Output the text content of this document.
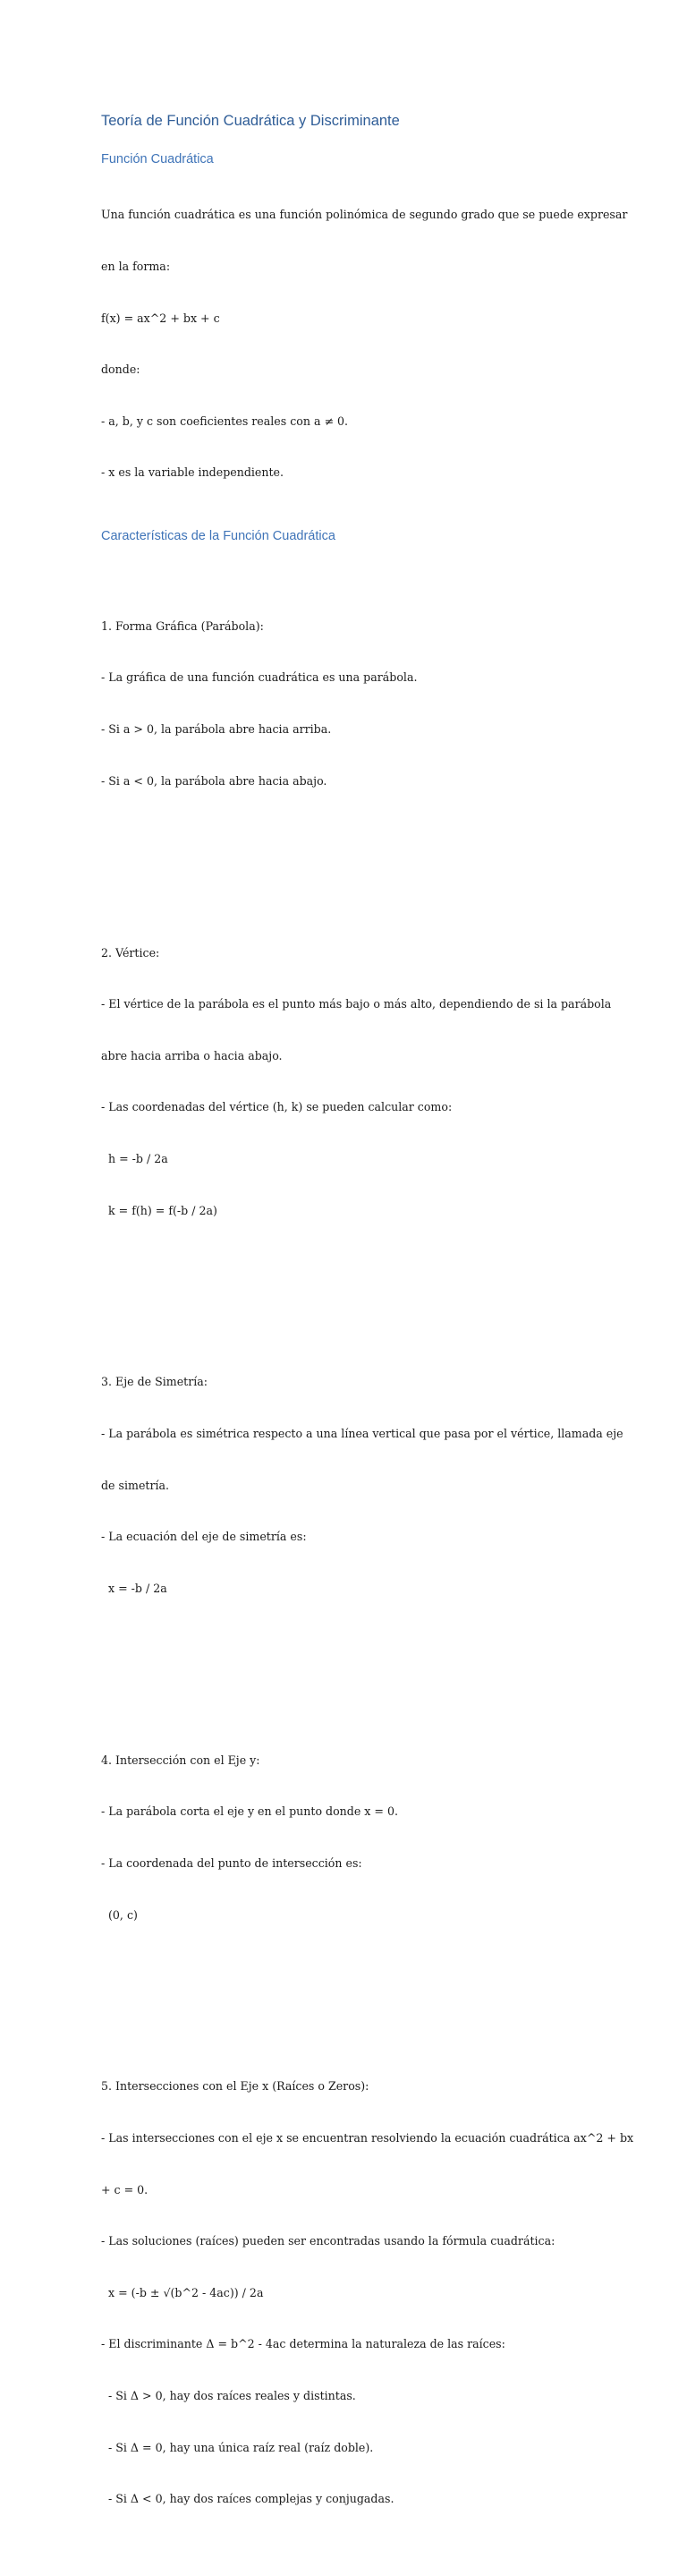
Teoría de Función Cuadrática y Discriminante
Función Cuadrática

Una función cuadrática es una función polinómica de segundo grado que se puede expresar

en la forma:

f(x) = ax^2 + bx + c

donde:

- a, b, y c son coeficientes reales con a ≠ 0.

- x es la variable independiente.

Características de la Función Cuadrática

1. Forma Gráfica (Parábola):

- La gráfica de una función cuadrática es una parábola.

- Si a > 0, la parábola abre hacia arriba.

- Si a < 0, la parábola abre hacia abajo.

2. Vértice:

- El vértice de la parábola es el punto más bajo o más alto, dependiendo de si la parábola

abre hacia arriba o hacia abajo.

- Las coordenadas del vértice (h, k) se pueden calcular como:

h = -b / 2a

k = f(h) = f(-b / 2a)

3. Eje de Simetría:

- La parábola es simétrica respecto a una línea vertical que pasa por el vértice, llamada eje

de simetría.

- La ecuación del eje de simetría es:

x = -b / 2a

4. Intersección con el Eje y:

- La parábola corta el eje y en el punto donde x = 0.

- La coordenada del punto de intersección es:

(0, c)

5. Intersecciones con el Eje x (Raíces o Zeros):

- Las intersecciones con el eje x se encuentran resolviendo la ecuación cuadrática ax^2 + bx

+ c = 0.

- Las soluciones (raíces) pueden ser encontradas usando la fórmula cuadrática:

x = (-b ± √(b^2 - 4ac)) / 2a

- El discriminante Δ = b^2 - 4ac determina la naturaleza de las raíces:

- Si Δ > 0, hay dos raíces reales y distintas.

- Si Δ = 0, hay una única raíz real (raíz doble).

- Si Δ < 0, hay dos raíces complejas y conjugadas.
